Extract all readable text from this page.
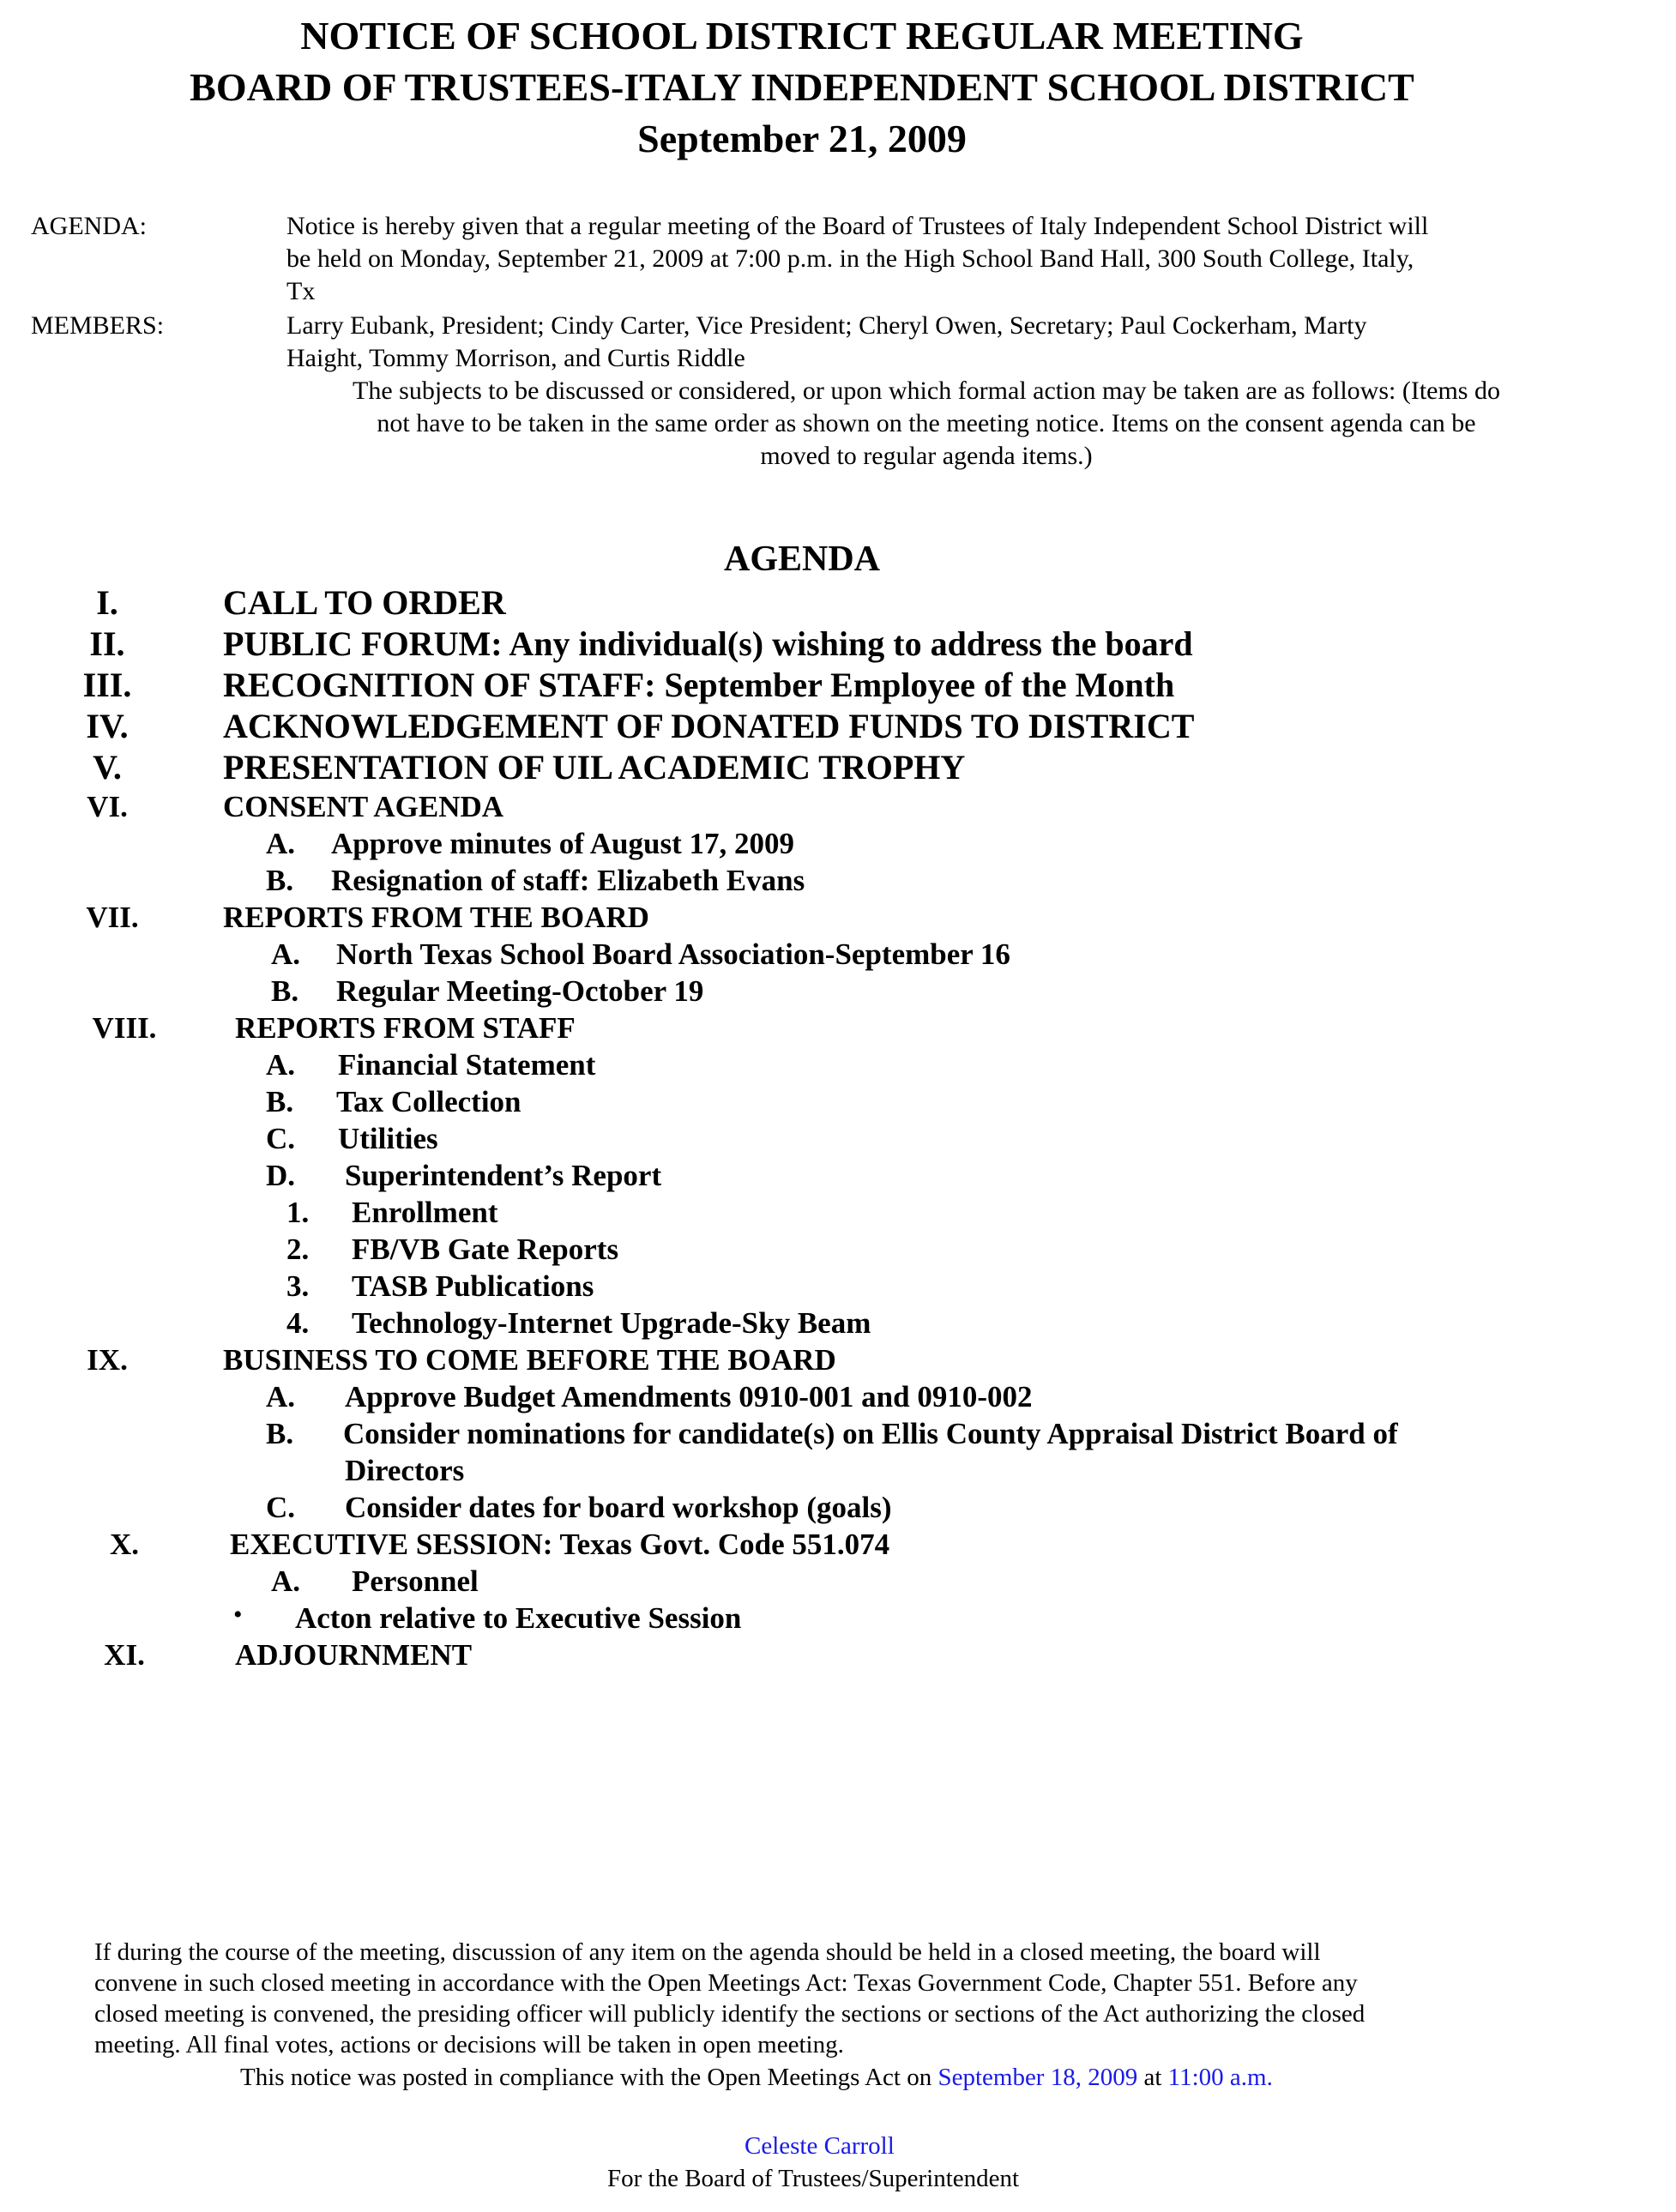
NOTICE OF SCHOOL DISTRICT REGULAR MEETING
BOARD OF TRUSTEES-ITALY INDEPENDENT SCHOOL DISTRICT
September 21, 2009
AGENDA:	Notice is hereby given that a regular meeting of the Board of Trustees of Italy Independent School District will
be held on Monday, September 21, 2009 at 7:00 p.m. in the High School Band Hall, 300 South College, Italy,
Tx
MEMBERS:	Larry Eubank, President; Cindy Carter, Vice President; Cheryl Owen, Secretary; Paul Cockerham, Marty
Haight, Tommy Morrison, and Curtis Riddle
The subjects to be discussed or considered, or upon which formal action may be taken are as follows: (Items do
not have to be taken in the same order as shown on the meeting notice. Items on the consent agenda can be
moved to regular agenda items.)
AGENDA
I.	CALL TO ORDER
II.	PUBLIC FORUM: Any individual(s) wishing to address the board
III.	RECOGNITION OF STAFF: September Employee of the Month
IV.	ACKNOWLEDGEMENT OF DONATED FUNDS TO DISTRICT
V.	PRESENTATION OF UIL ACADEMIC TROPHY
VI.	CONSENT AGENDA
A. Approve minutes of August 17, 2009
B. Resignation of staff: Elizabeth Evans
VII.	REPORTS FROM THE BOARD
A. North Texas School Board Association-September 16
B. Regular Meeting-October 19
VIII.	REPORTS FROM STAFF
A. Financial Statement
B. Tax Collection
C. Utilities
D. Superintendent’s Report
1. Enrollment
2. FB/VB Gate Reports
3. TASB Publications
4. Technology-Internet Upgrade-Sky Beam
IX.	BUSINESS TO COME BEFORE THE BOARD
A. Approve Budget Amendments 0910-001 and 0910-002
B. Consider nominations for candidate(s) on Ellis County Appraisal District Board of
Directors
C. Consider dates for board workshop (goals)
X.	EXECUTIVE SESSION: Texas Govt. Code 551.074
A. Personnel
• Acton relative to Executive Session
XI.	ADJOURNMENT
If during the course of the meeting, discussion of any item on the agenda should be held in a closed meeting, the board will
convene in such closed meeting in accordance with the Open Meetings Act: Texas Government Code, Chapter 551. Before any
closed meeting is convened, the presiding officer will publicly identify the sections or sections of the Act authorizing the closed
meeting. All final votes, actions or decisions will be taken in open meeting.
This notice was posted in compliance with the Open Meetings Act on September 18, 2009 at 11:00 a.m.
Celeste Carroll
For the Board of Trustees/Superintendent
